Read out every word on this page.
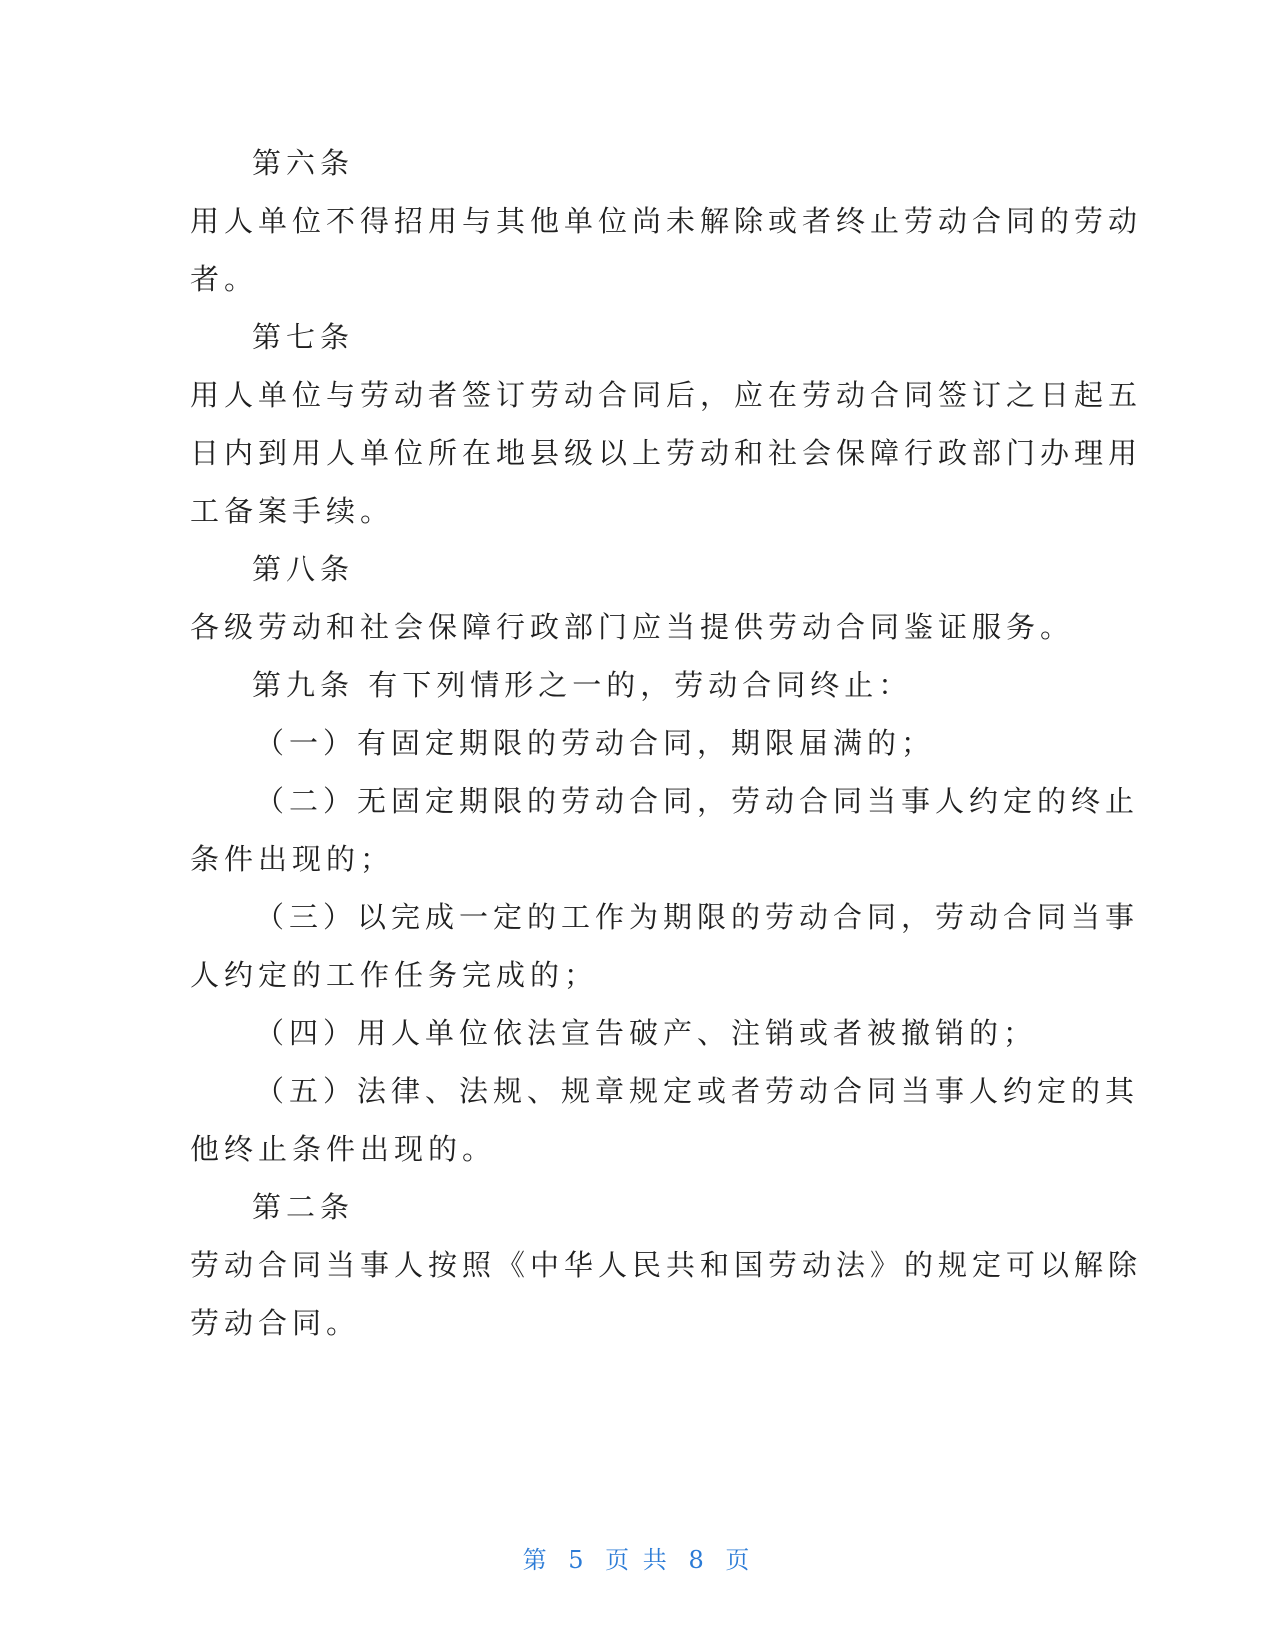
第六条
用人单位不得招用与其他单位尚未解除或者终止劳动合同的劳动
者。
第七条
用人单位与劳动者签订劳动合同后，应在劳动合同签订之日起五
日内到用人单位所在地县级以上劳动和社会保障行政部门办理用
工备案手续。
第八条
各级劳动和社会保障行政部门应当提供劳动合同鉴证服务。
第九条 有下列情形之一的，劳动合同终止：
（一）有固定期限的劳动合同，期限届满的；
（二）无固定期限的劳动合同，劳动合同当事人约定的终止
条件出现的；
（三）以完成一定的工作为期限的劳动合同，劳动合同当事
人约定的工作任务完成的；
（四）用人单位依法宣告破产、注销或者被撤销的；
（五）法律、法规、规章规定或者劳动合同当事人约定的其
他终止条件出现的。
第二条
劳动合同当事人按照《中华人民共和国劳动法》的规定可以解除
劳动合同。
第 5 页 共 8 页
